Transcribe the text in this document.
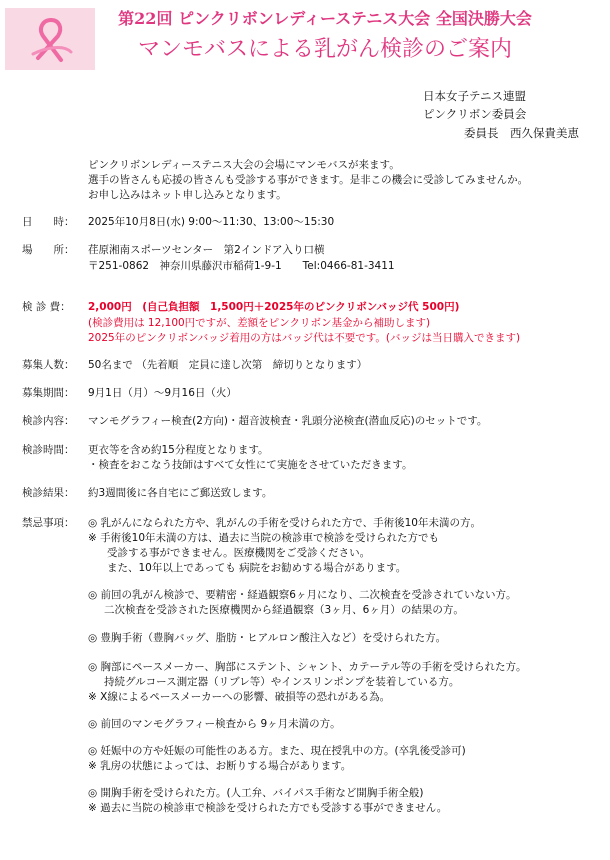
第22回 ピンクリボンレディーステニス大会 全国決勝大会
マンモバスによる乳がん検診のご案内
日本女子テニス連盟
ピンクリボン委員会
委員長　西久保貴美恵
ピンクリボンレディーステニス大会の会場にマンモバスが来ます。
選手の皆さんも応援の皆さんも受診する事ができます。是非この機会に受診してみませんか。
お申し込みはネット申し込みとなります。
日　　時： 2025年10月8日(水) 9:00～11:30、13:00～15:30
場　　所： 荏原湘南スポーツセンター　第2インドア入り口横
〒251-0862　神奈川県藤沢市稲荷1-9-1　　Tel:0466-81-3411
検 診 費： 2,000円　(自己負担額　1,500円＋2025年のピンクリボンバッジ代 500円)
(検診費用は 12,100円ですが、差額をピンクリボン基金から補助します)
2025年のピンクリボンバッジ着用の方はバッジ代は不要です。(バッジは当日購入できます)
募集人数： 50名まで （先着順　定員に達し次第　締切りとなります）
募集期間： 9月1日（月）～9月16日（火）
検診内容： マンモグラフィー検査(2方向)・超音波検査・乳頭分泌検査(潜血反応)のセットです。
検診時間： 更衣等を含め約15分程度となります。
・検査をおこなう技師はすべて女性にて実施をさせていただきます。
検診結果： 約3週間後に各自宅にご郵送致します。
禁忌事項： ◎ 乳がんになられた方や、乳がんの手術を受けられた方で、手術後10年未満の方。
※ 手術後10年未満の方は、過去に当院の検診車で検診を受けられた方でも
受診する事ができません。医療機関をご受診ください。
また、10年以上であっても 病院をお勧めする場合があります。
◎ 前回の乳がん検診で、要精密・経過観察6ヶ月になり、二次検査を受診されていない方。
二次検査を受診された医療機関から経過観察（3ヶ月、6ヶ月）の結果の方。
◎ 豊胸手術（豊胸バッグ、脂肪・ヒアルロン酸注入など）を受けられた方。
◎ 胸部にペースメーカー、胸部にステント、シャント、カテーテル等の手術を受けられた方。
持続グルコース測定器（リブレ等）やインスリンポンプを装着している方。
※ X線によるペースメーカーへの影響、破損等の恐れがある為。
◎ 前回のマンモグラフィー検査から 9ヶ月未満の方。
◎ 妊娠中の方や妊娠の可能性のある方。また、現在授乳中の方。(卒乳後受診可)
※ 乳房の状態によっては、お断りする場合があります。
◎ 開胸手術を受けられた方。(人工弁、バイパス手術など開胸手術全般)
※ 過去に当院の検診車で検診を受けられた方でも受診する事ができません。
